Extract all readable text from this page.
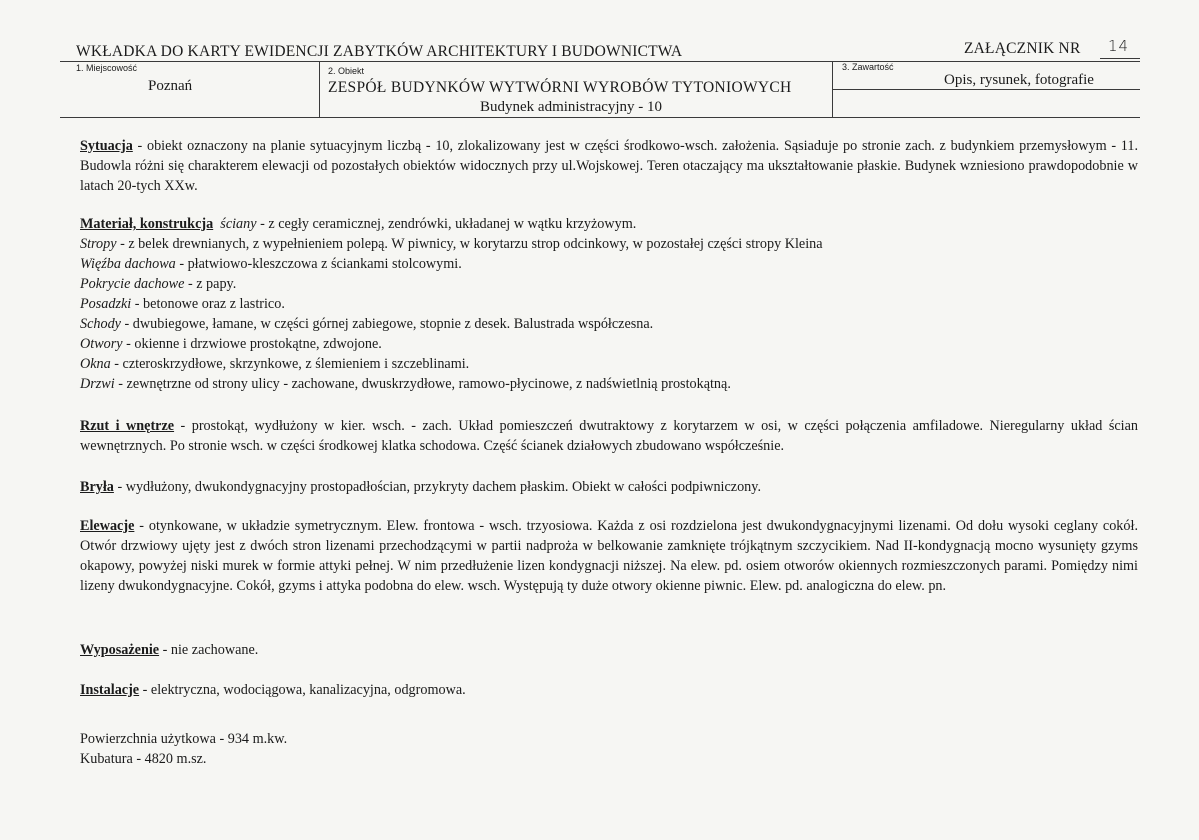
WKŁADKA DO KARTY EWIDENCJI ZABYTKÓW ARCHITEKTURY I BUDOWNICTWA	ZAŁĄCZNIK NR 14
1. Miejscowość
Poznań
2. Obiekt
ZESPÓŁ BUDYNKÓW WYTWÓRNI WYROBÓW TYTONIOWYCH
Budynek administracyjny - 10
3. Zawartość
Opis, rysunek, fotografie
Sytuacja - obiekt oznaczony na planie sytuacyjnym liczbą - 10, zlokalizowany jest w części środkowo-wsch. założenia. Sąsiaduje po stronie zach. z budynkiem przemysłowym - 11. Budowla różni się charakterem elewacji od pozostałych obiektów widocznych przy ul.Wojskowej. Teren otaczający ma ukształtowanie płaskie. Budynek wzniesiono prawdopodobnie w latach 20-tych XXw.
Materiał, konstrukcja ściany - z cegły ceramicznej, zendrówki, układanej w wątku krzyżowym.
Stropy - z belek drewnianych, z wypełnieniem polepą. W piwnicy, w korytarzu strop odcinkowy, w pozostałej części stropy Kleina
Więźba dachowa - płatwiowo-kleszczowa z ściankami stolcowymi.
Pokrycie dachowe - z papy.
Posadzki - betonowe oraz z lastrico.
Schody - dwubiegowe, łamane, w części górnej zabiegowe, stopnie z desek. Balustrada współczesna.
Otwory - okienne i drzwiowe prostokątne, zdwojone.
Okna - czteroskrzydłowe, skrzynkowe, z ślemieniem i szczeblinami.
Drzwi - zewnętrzne od strony ulicy - zachowane, dwuskrzydłowe, ramowo-płycinowe, z nadświetlnią prostokątną.
Rzut i wnętrze - prostokąt, wydłużony w kier. wsch. - zach. Układ pomieszczeń dwutraktowy z korytarzem w osi, w części połączenia amfiladowe. Nieregularny układ ścian wewnętrznych. Po stronie wsch. w części środkowej klatka schodowa. Część ścianek działowych zbudowano współcześnie.
Bryła - wydłużony, dwukondygnacyjny prostopadłościan, przykryty dachem płaskim. Obiekt w całości podpiwniczony.
Elewacje - otynkowane, w układzie symetrycznym. Elew. frontowa - wsch. trzyosiowa. Każda z osi rozdzielona jest dwukondygnacyjnymi lizenami. Od dołu wysoki ceglany cokół. Otwór drzwiowy ujęty jest z dwóch stron lizenami przechodzącymi w partii nadproża w belkowanie zamknięte trójkątnym szczycikiem. Nad II-kondygnacją mocno wysunięty gzyms okapowy, powyżej niski murek w formie attyki pełnej. W nim przedłużenie lizen kondygnacji niższej. Na elew. pd. osiem otworów okiennych rozmieszczonych parami. Pomiędzy nimi lizeny dwukondygnacyjne. Cokół, gzyms i attyka podobna do elew. wsch. Występują ty duże otwory okienne piwnic. Elew. pd. analogiczna do elew. pn.
Wyposażenie - nie zachowane.
Instalacje - elektryczna, wodociągowa, kanalizacyjna, odgromowa.
Powierzchnia użytkowa - 934 m.kw.
Kubatura - 4820 m.sz.
